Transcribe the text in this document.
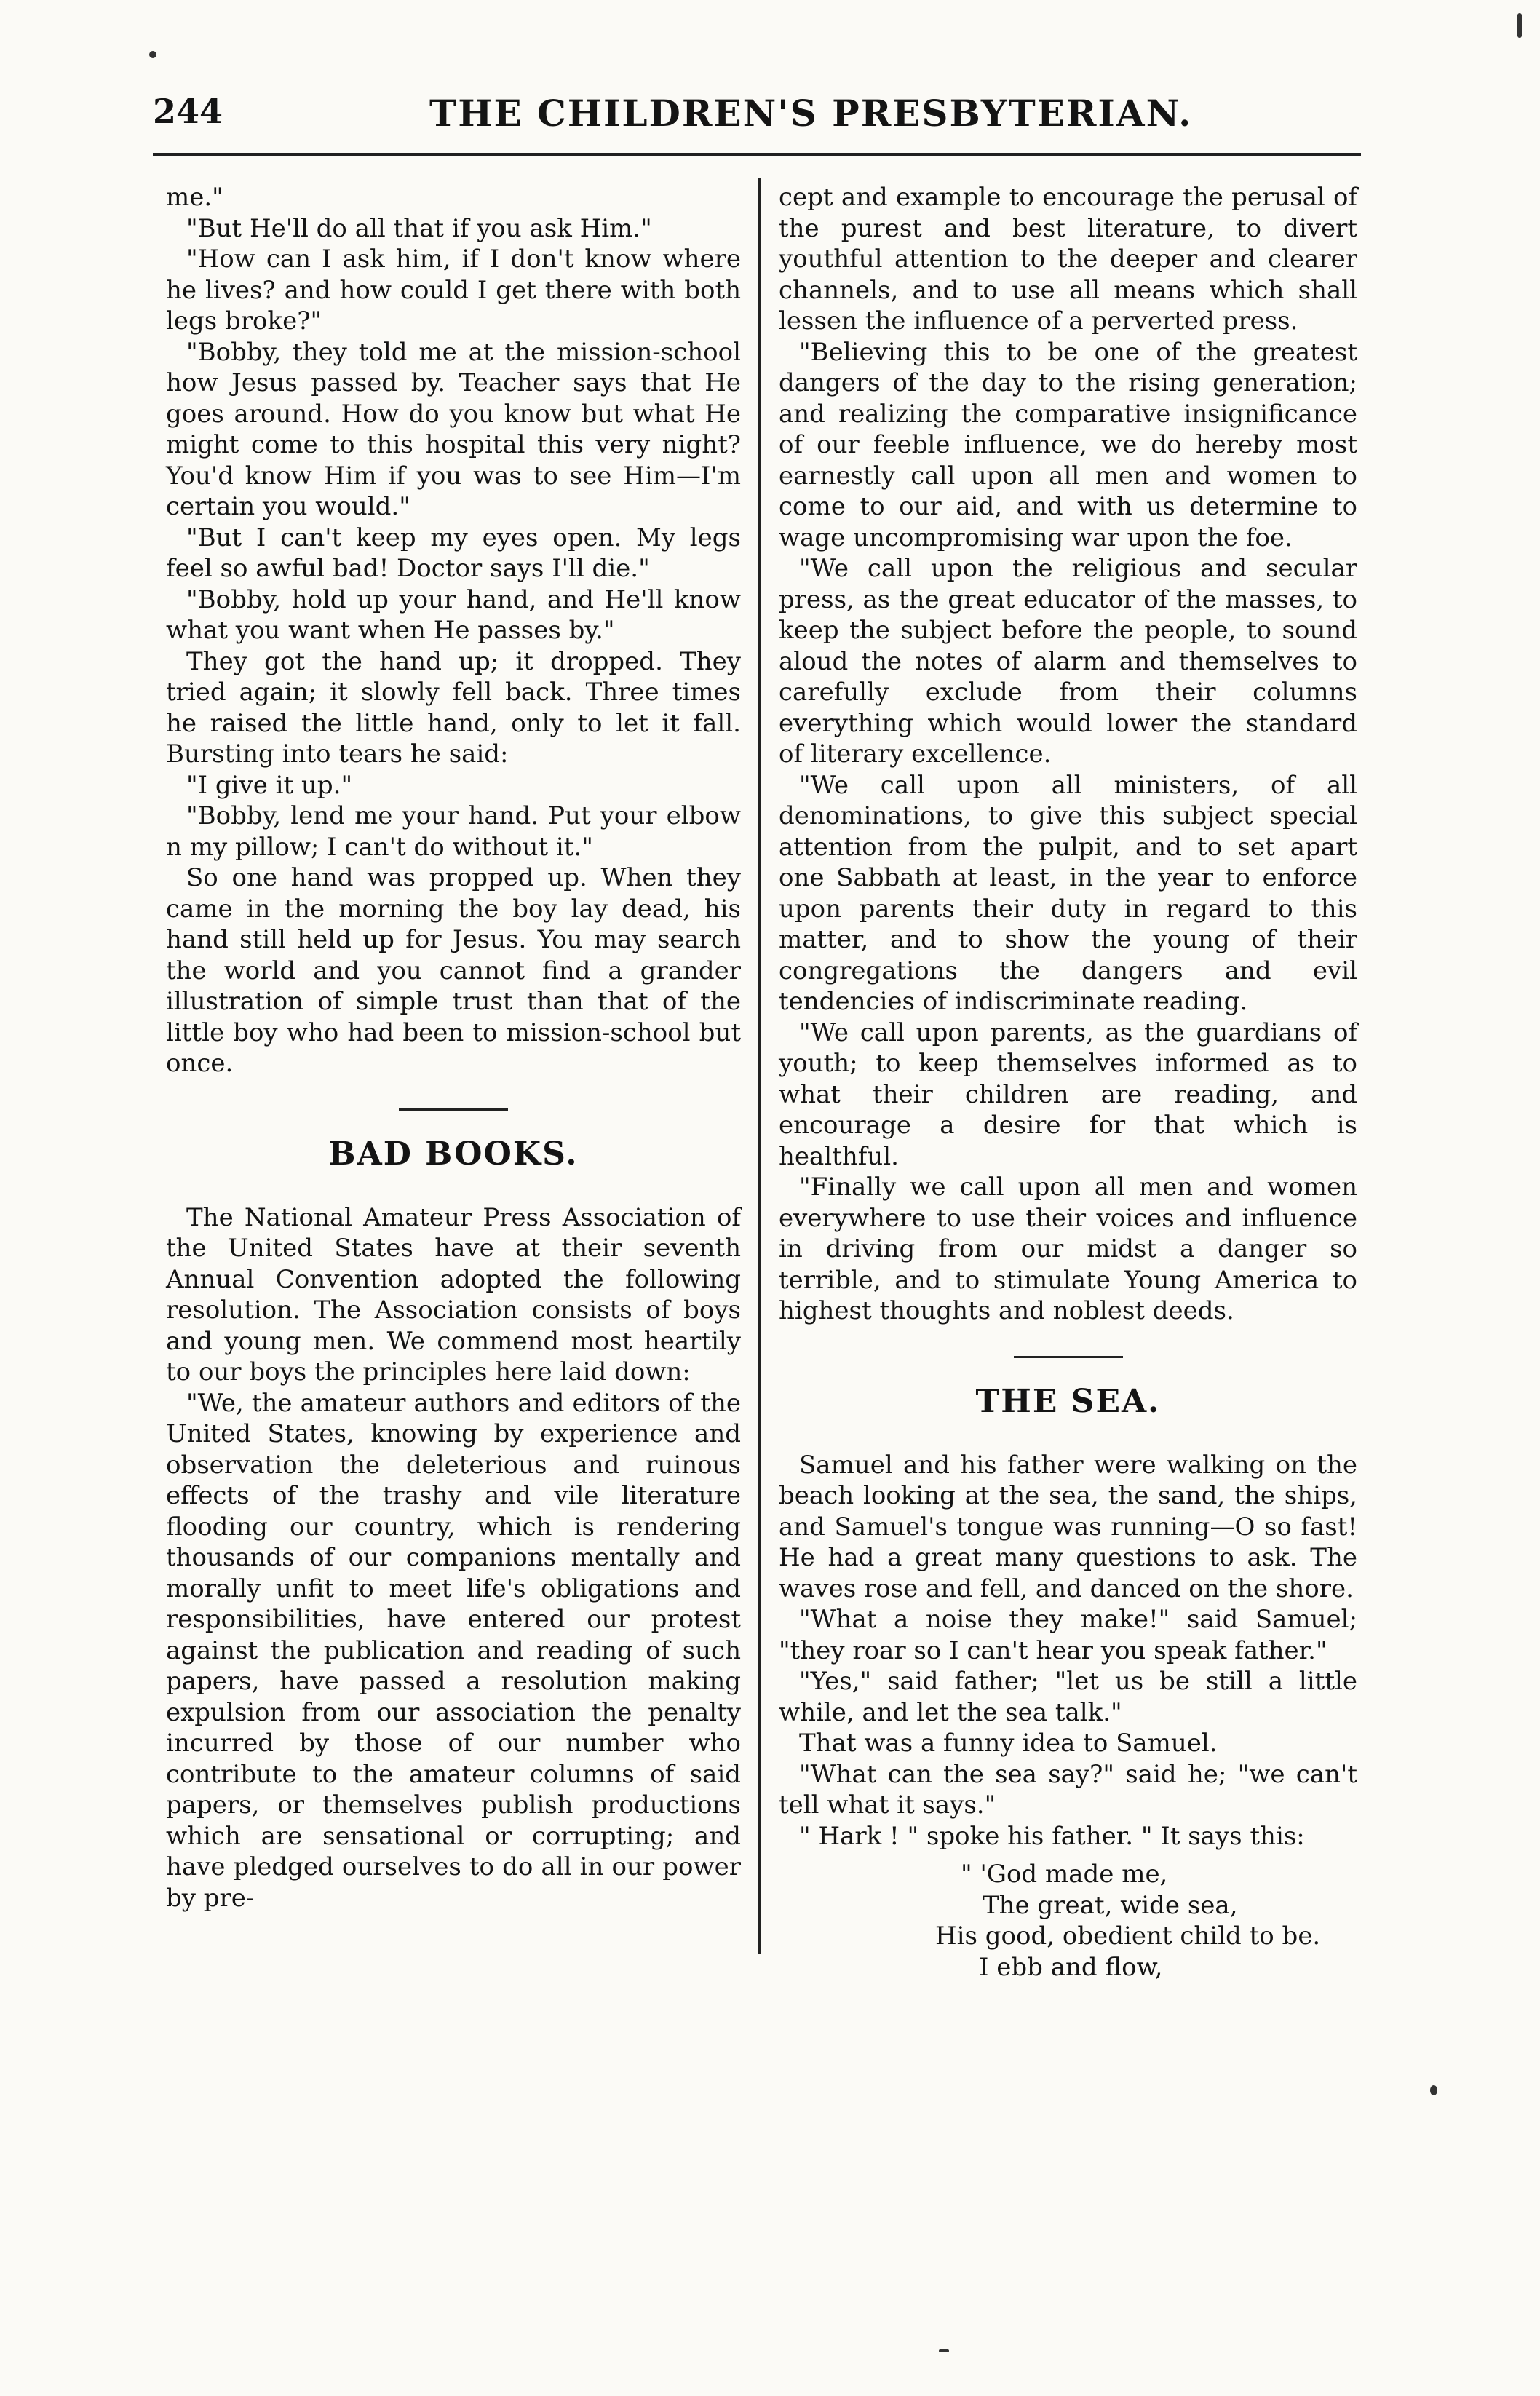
244	THE CHILDREN'S PRESBYTERIAN.

me."

"But He'll do all that if you ask Him."

"How can I ask him, if I don't know where he lives? and how could I get there with both legs broke?"

"Bobby, they told me at the mission-school how Jesus passed by. Teacher says that He goes around. How do you know but what He might come to this hospital this very night? You'd know Him if you was to see Him—I'm certain you would."

"But I can't keep my eyes open. My legs feel so awful bad! Doctor says I'll die."

"Bobby, hold up your hand, and He'll know what you want when He passes by."

They got the hand up; it dropped. They tried again; it slowly fell back. Three times he raised the little hand, only to let it fall. Bursting into tears he said:

"I give it up."

"Bobby, lend me your hand. Put your elbow n my pillow; I can't do without it."

So one hand was propped up. When they came in the morning the boy lay dead, his hand still held up for Jesus. You may search the world and you cannot find a grander illustration of simple trust than that of the little boy who had been to mission-school but once.

BAD BOOKS.

The National Amateur Press Association of the United States have at their seventh Annual Convention adopted the following resolution. The Association consists of boys and young men. We commend most heartily to our boys the principles here laid down:

"We, the amateur authors and editors of the United States, knowing by experience and observation the deleterious and ruinous effects of the trashy and vile literature flooding our country, which is rendering thousands of our companions mentally and morally unfit to meet life's obligations and responsibilities, have entered our protest against the publication and reading of such papers, have passed a resolution making expulsion from our association the penalty incurred by those of our number who contribute to the amateur columns of said papers, or themselves publish productions which are sensational or corrupting; and have pledged ourselves to do all in our power by pre-

cept and example to encourage the perusal of the purest and best literature, to divert youthful attention to the deeper and clearer channels, and to use all means which shall lessen the influence of a perverted press.

"Believing this to be one of the greatest dangers of the day to the rising generation; and realizing the comparative insignificance of our feeble influence, we do hereby most earnestly call upon all men and women to come to our aid, and with us determine to wage uncompromising war upon the foe.

"We call upon the religious and secular press, as the great educator of the masses, to keep the subject before the people, to sound aloud the notes of alarm and themselves to carefully exclude from their columns everything which would lower the standard of literary excellence.

"We call upon all ministers, of all denominations, to give this subject special attention from the pulpit, and to set apart one Sabbath at least, in the year to enforce upon parents their duty in regard to this matter, and to show the young of their congregations the dangers and evil tendencies of indiscriminate reading.

"We call upon parents, as the guardians of youth; to keep themselves informed as to what their children are reading, and encourage a desire for that which is healthful.

"Finally we call upon all men and women everywhere to use their voices and influence in driving from our midst a danger so terrible, and to stimulate Young America to highest thoughts and noblest deeds.

THE SEA.

Samuel and his father were walking on the beach looking at the sea, the sand, the ships, and Samuel's tongue was running—O so fast! He had a great many questions to ask. The waves rose and fell, and danced on the shore.

"What a noise they make!" said Samuel; "they roar so I can't hear you speak father."

"Yes," said father; "let us be still a little while, and let the sea talk."

That was a funny idea to Samuel.

"What can the sea say?" said he; "we can't tell what it says."

" Hark ! " spoke his father. " It says this:

" 'God made me,
The great, wide sea,
His good, obedient child to be.
I ebb and flow,
